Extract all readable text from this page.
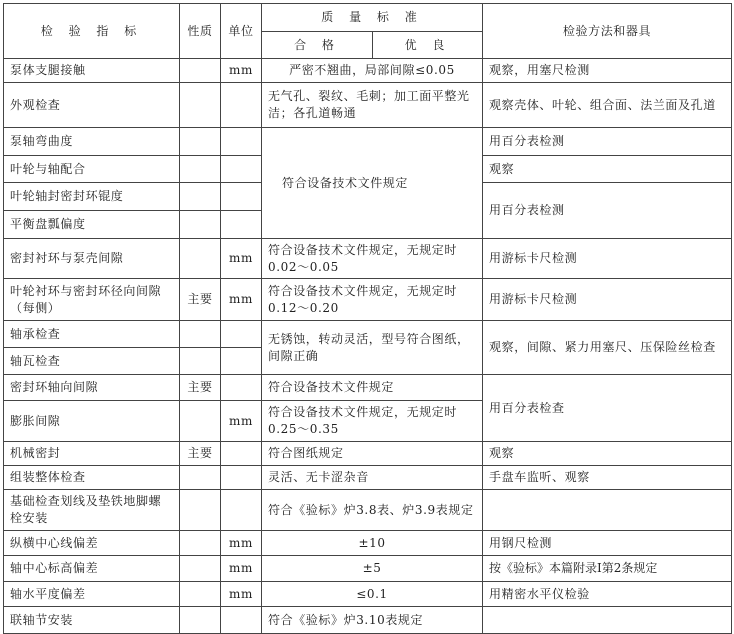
检 验 指 标	性质	单位	质 量 标 准		检验方法和器具
			合 格	优 良	
泵体支腿接触		mm	严密不翘曲，局部间隙≤0.05		观察，用塞尺检测
外观检查			无气孔、裂纹、毛刺；加工面平整光洁；各孔道畅通		观察壳体、叶轮、组合面、法兰面及孔道
泵轴弯曲度			符合设备技术文件规定		用百分表检测
叶轮与轴配合					观察
叶轮轴封密封环锟度					用百分表检测
平衡盘瓢偏度					
密封衬环与泵壳间隙		mm	符合设备技术文件规定，无规定时0.02～0.05		用游标卡尺检测
叶轮衬环与密封环径向间隙（每侧）	主要	mm	符合设备技术文件规定，无规定时0.12～0.20		用游标卡尺检测
轴承检查			无锈蚀，转动灵活，型号符合图纸，间隙正确		观察，间隙、紧力用塞尺、压保险丝检查
轴瓦检查					
密封环轴向间隙	主要		符合设备技术文件规定		用百分表检查
膨胀间隙		mm	符合设备技术文件规定，无规定时0.25～0.35		
机械密封	主要		符合图纸规定		观察
组装整体检查			灵活、无卡涩杂音		手盘车监听、观察
基础检查划线及垫铁地脚螺栓安装			符合《验标》炉3.8表、炉3.9表规定		
纵横中心线偏差		mm	±10		用钢尺检测
轴中心标高偏差		mm	±5		按《验标》本篇附录Ⅰ第2条规定
轴水平度偏差		mm	≤0.1		用精密水平仪检验
联轴节安装			符合《验标》炉3.10表规定		
